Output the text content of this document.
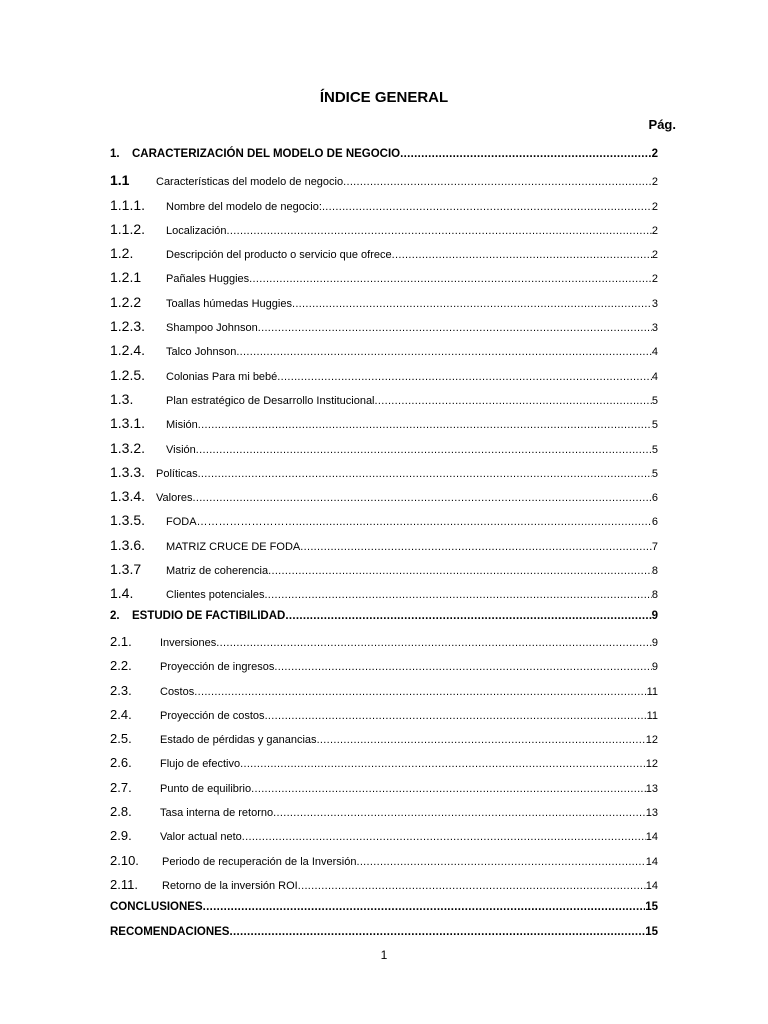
ÍNDICE GENERAL
Pág.
1.	CARACTERIZACIÓN DEL MODELO DE NEGOCIO .....	2
1.1	Características del modelo de negocio .....	2
1.1.1.	Nombre del modelo de negocio: .....	2
1.1.2.	Localización .....	2
1.2.	Descripción del producto o servicio que ofrece .....	2
1.2.1	Pañales Huggies .....	2
1.2.2	Toallas húmedas Huggies .....	3
1.2.3.	Shampoo Johnson .....	3
1.2.4.	Talco Johnson .....	4
1.2.5.	Colonias Para mi bebé .....	4
1.3.	Plan estratégico de Desarrollo Institucional .....	5
1.3.1.	Misión .....	5
1.3.2.	Visión .....	5
1.3.3. Políticas .....	5
1.3.4. Valores .....	6
1.3.5.	FODA……………………… .....	6
1.3.6.	MATRIZ CRUCE DE FODA .....	7
1.3.7	Matriz de coherencia .....	8
1.4.	Clientes potenciales .....	8
2.	ESTUDIO DE FACTIBILIDAD .....	9
2.1.	Inversiones .....	9
2.2.	Proyección de ingresos .....	9
2.3.	Costos .....	11
2.4.	Proyección de costos .....	11
2.5.	Estado de pérdidas y ganancias .....	12
2.6.	Flujo de efectivo .....	12
2.7.	Punto de equilibrio .....	13
2.8.	Tasa interna de retorno .....	13
2.9.	Valor actual neto .....	14
2.10.	Periodo de recuperación de la Inversión .....	14
2.11.	Retorno de la inversión ROI .....	14
CONCLUSIONES .....	15
RECOMENDACIONES .....	15
1
